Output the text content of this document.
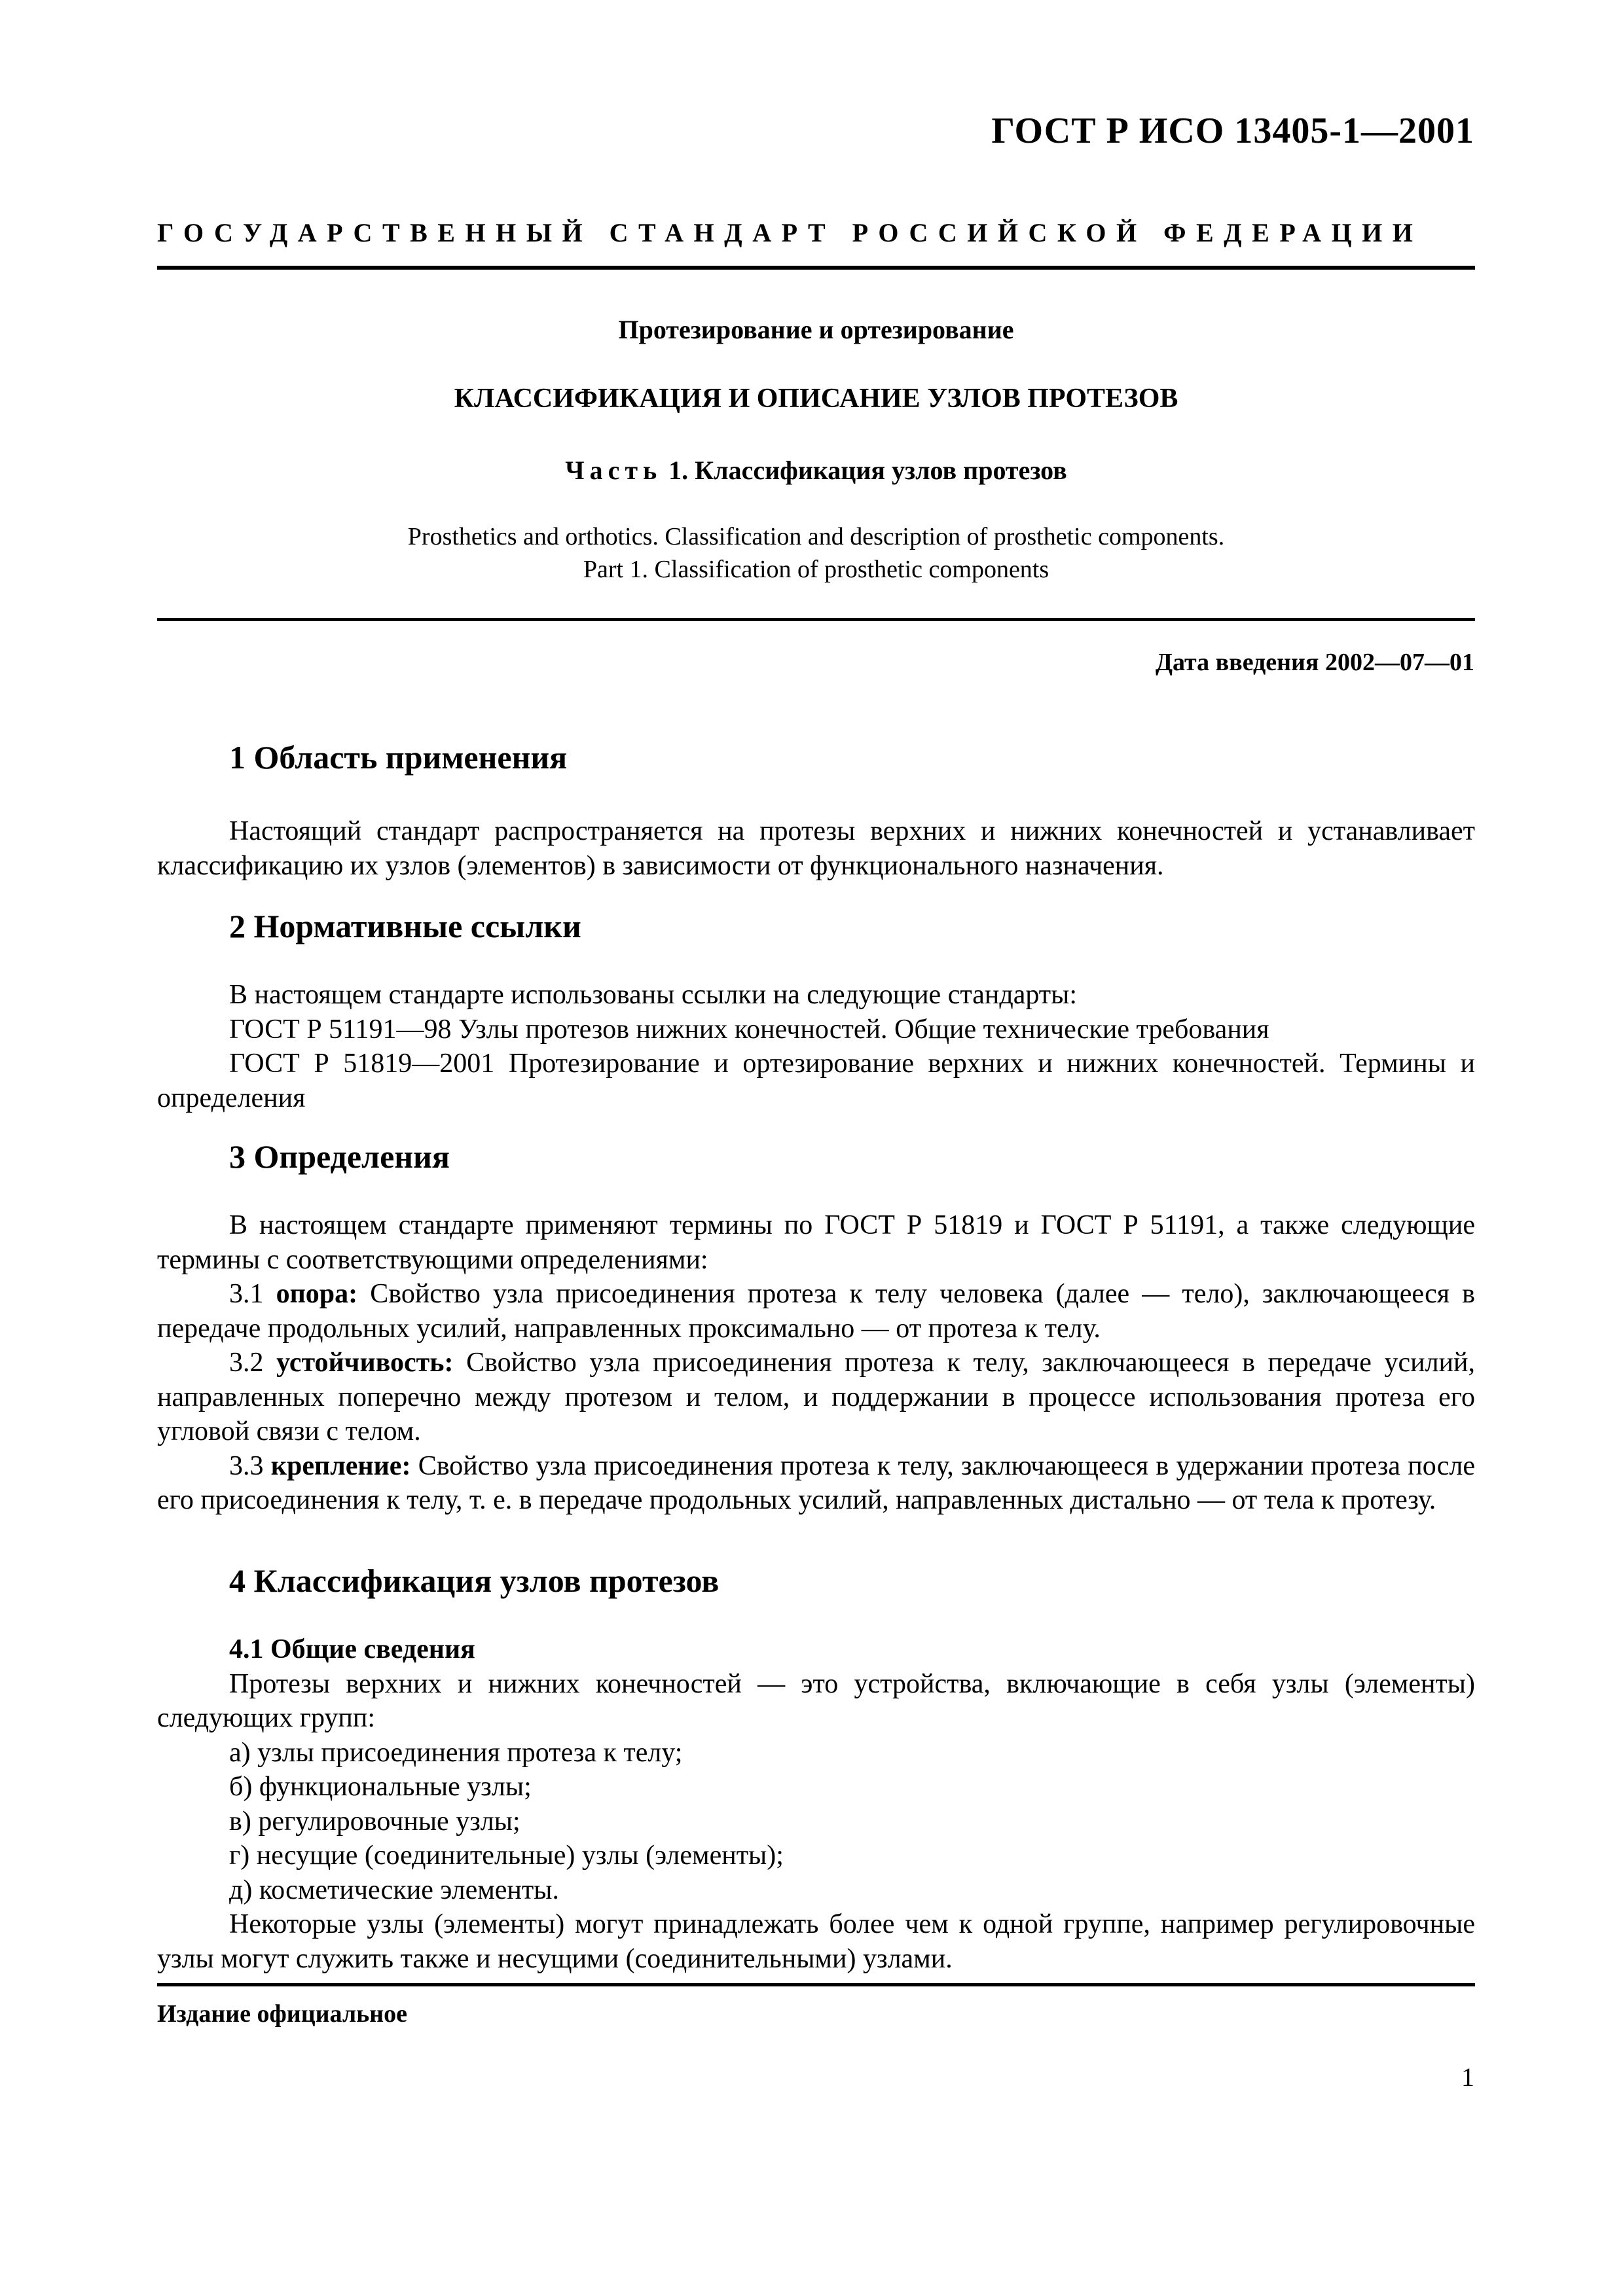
ГОСТ Р ИСО 13405-1—2001
ГОСУДАРСТВЕННЫЙ СТАНДАРТ РОССИЙСКОЙ ФЕДЕРАЦИИ
Протезирование и ортезирование
КЛАССИФИКАЦИЯ И ОПИСАНИЕ УЗЛОВ ПРОТЕЗОВ
Часть 1. Классификация узлов протезов
Prosthetics and orthotics. Classification and description of prosthetic components.
Part 1. Classification of prosthetic components
Дата введения 2002—07—01
1 Область применения

Настоящий стандарт распространяется на протезы верхних и нижних конечностей и устанавливает классификацию их узлов (элементов) в зависимости от функционального назначения.

2 Нормативные ссылки

В настоящем стандарте использованы ссылки на следующие стандарты:

ГОСТ Р 51191—98 Узлы протезов нижних конечностей. Общие технические требования

ГОСТ Р 51819—2001 Протезирование и ортезирование верхних и нижних конечностей. Термины и определения

3 Определения

В настоящем стандарте применяют термины по ГОСТ Р 51819 и ГОСТ Р 51191, а также следующие термины с соответствующими определениями:

3.1 опора: Свойство узла присоединения протеза к телу человека (далее — тело), заключающееся в передаче продольных усилий, направленных проксимально — от протеза к телу.

3.2 устойчивость: Свойство узла присоединения протеза к телу, заключающееся в передаче усилий, направленных поперечно между протезом и телом, и поддержании в процессе использования протеза его угловой связи с телом.

3.3 крепление: Свойство узла присоединения протеза к телу, заключающееся в удержании протеза после его присоединения к телу, т. е. в передаче продольных усилий, направленных дистально — от тела к протезу.

4 Классификация узлов протезов

4.1 Общие сведения

Протезы верхних и нижних конечностей — это устройства, включающие в себя узлы (элементы) следующих групп:

а) узлы присоединения протеза к телу;

б) функциональные узлы;

в) регулировочные узлы;

г) несущие (соединительные) узлы (элементы);

д) косметические элементы.

Некоторые узлы (элементы) могут принадлежать более чем к одной группе, например регулировочные узлы могут служить также и несущими (соединительными) узлами.

Издание официальное
1
